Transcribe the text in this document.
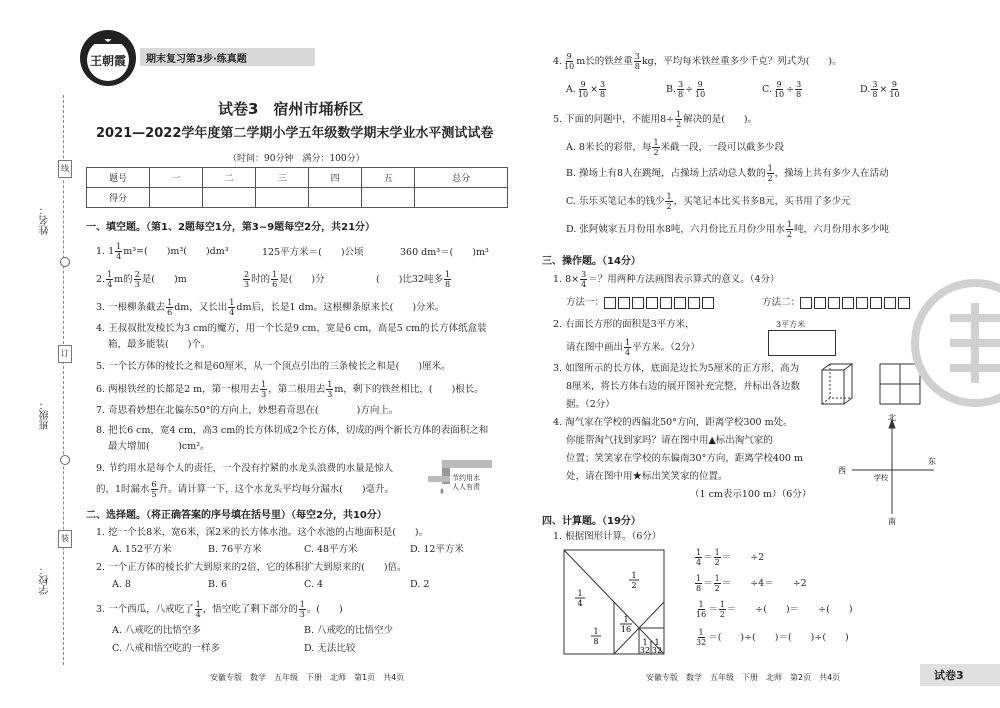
线
订
装
姓名：
班级：
学校：
王朝霞 期末复习第3步·练真题
试卷3　宿州市埇桥区
2021—2022学年度第二学期小学五年级数学期末学业水平测试试卷
（时间：90分钟　满分：100分）
题号	一	二	三	四	五	总分
得分						
一、填空题。（第1、2题每空1分，第3~9题每空2分，共21分）
1. $1 \frac{1}{4} m^3=$(　　)m³(　　)dm³	125平方米＝(　　)公顷	360 dm³＝(　　)m³
2. $\frac{1}{4}$ m的 $\frac{2}{3}$ 是(　　)m	$\frac{2}{3}$ 时的 $\frac{1}{6}$ 是(　　)分	(　　)比32吨多 $\frac{1}{8}$
3. 一根柳条截去 $\frac{1}{6}$ dm，又长出 $\frac{1}{4}$ dm后，长是1 dm。这根柳条原来长(　　)分米。
4. 王叔叔批发棱长为3 cm的魔方，用一个长是9 cm，宽是6 cm，高是5 cm的长方体纸盒装
箱，最多能装(　　)个。
5. 一个长方体的棱长之和是60厘米，从一个顶点引出的三条棱长之和是(　　)厘米。
6. 两根铁丝的长都是2 m，第一根用去 $\frac{1}{3}$ ，第二根用去 $\frac{1}{3}$ m，剩下的铁丝相比，(　　)根长。
7. 奇思看妙想在北偏东50°的方向上，妙想看奇思在(　　　　)方向上。
8. 把长6 cm，宽4 cm，高3 cm的长方体切成2个长方体，切成的两个新长方体的表面积之和
最大增加(　　　)cm²。
9. 节约用水是每个人的责任，一个没有拧紧的水龙头浪费的水量是惊人
的，1时漏水 $\frac{6}{5}$ 升。请计算一下，这个水龙头平均每分漏水(　　)毫升。
节约用水
人人有责
二、选择题。（将正确答案的序号填在括号里）（每空2分，共10分）
1. 挖一个长8米，宽6米，深2米的长方体水池。这个水池的占地面积是(　　)。
A. 152平方米	B. 76平方米	C. 48平方米	D. 12平方米
2. 一个正方体的棱长扩大到原来的2倍，它的体积扩大到原来的(　　)倍。
A. 8	B. 6	C. 4	D. 2
3. 一个西瓜，八戒吃了 $\frac{1}{4}$ ，悟空吃了剩下部分的 $\frac{1}{3}$ 。(　　)
A. 八戒吃的比悟空多	B. 八戒吃的比悟空少
C. 八戒和悟空吃的一样多	D. 无法比较
安徽专版　数学　五年级　下册　北师　第1页　共4页
4. $\frac{9}{10}$ m长的铁丝重 $\frac{3}{8}$ kg，平均每米铁丝重多少千克？列式为(　　)。
A. $\frac{9}{10} \times \frac{3}{8}$	B. $\frac{3}{8} \div \frac{9}{10}$	C. $\frac{9}{10} \div \frac{3}{8}$	D. $\frac{3}{8} \times \frac{9}{10}$
5. 下面的问题中，不能用$8\div \frac{1}{2}$ 解决的是(　　)。
A. 8米长的彩带，每 $\frac{1}{2}$ 米截一段，一段可以截多少段
B. 操场上有8人在跳绳，占操场上活动总人数的 $\frac{1}{2}$ ，操场上共有多少人在活动
C. 乐乐买笔记本的钱少 $\frac{1}{2}$ ，买笔记本比买书多8元，买书用了多少元
D. 张阿姨家五月份用水8吨，六月份比五月份少用水 $\frac{1}{2}$ 吨，六月份用水多少吨
三、操作题。（14分）
1. $8\times \frac{3}{4}$ ＝？用两种方法画图表示算式的意义。（4分）
方法一：	方法二：
2. 右面长方形的面积是3平方米，
请在图中画出 $\frac{1}{4}$ 平方米。（2分）
3平方米
3. 如图所示的长方体，底面是边长为5厘米的正方形，高为
8厘米，将长方体右边的展开图补充完整，并标出各边数
据。（2分）
4. 淘气家在学校的西偏北50°方向，距离学校300 m处。
你能帮淘气找到家吗？请在图中用▲标出淘气家的
位置；笑笑家在学校的东偏南30°方向，距离学校400 m
处，请在图中用★标出笑笑家的位置。
（1 cm表示100 m）（6分）
北
南
东
西
学校
四、计算题。（19分）
1. 根据图形计算。（6分）
1
2
1
4
1
8
1
16
1 1
32 32
$\frac{1}{4} = \frac{1}{2}$ ＝　　÷2
$\frac{1}{8} = \frac{1}{2}$ ＝　　÷4＝　　÷2
$\frac{1}{16} = \frac{1}{2}$ ＝　　÷(　　)＝　　÷(　　)
$\frac{1}{32}$ ＝(　　)÷(　　)＝(　　)÷(　　)
安徽专版　数学　五年级　下册　北师　第2页　共4页	试卷3
